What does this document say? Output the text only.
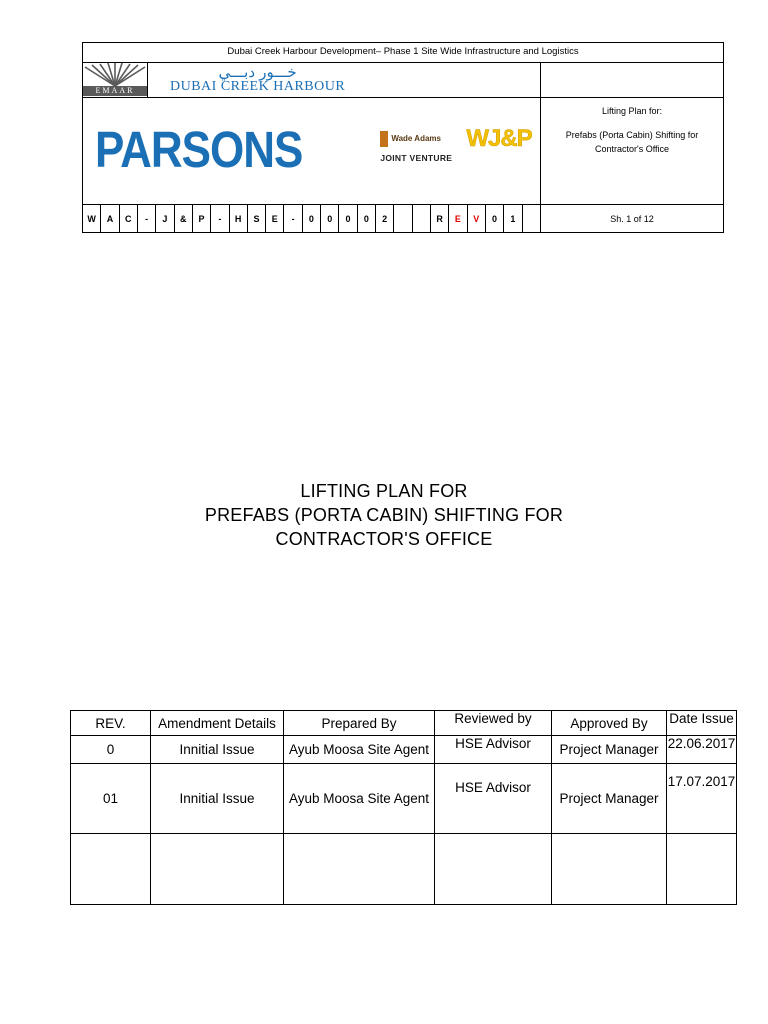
Dubai Creek Harbour Development– Phase 1 Site Wide Infrastructure and Logistics
EMAAR
خـــور دبـــي
DUBAI CREEK HARBOUR
PARSONS	Wade Adams WJ&P
JOINT VENTURE
Lifting Plan for:
Prefabs (Porta Cabin) Shifting for
Contractor's Office
W	A	C	-	J	&	P	-	H	S	E	-	0	0	0	0	2	R	E	V	0	1	Sh. 1 of 12
LIFTING PLAN FOR
PREFABS (PORTA CABIN) SHIFTING FOR
CONTRACTOR'S OFFICE
REV.	Amendment Details	Prepared By	Reviewed by	Approved By	Date Issue
0	Innitial Issue	Ayub Moosa Site Agent	HSE Advisor	Project Manager	22.06.2017
01	Innitial Issue	Ayub Moosa Site Agent	HSE Advisor	Project Manager	17.07.2017
